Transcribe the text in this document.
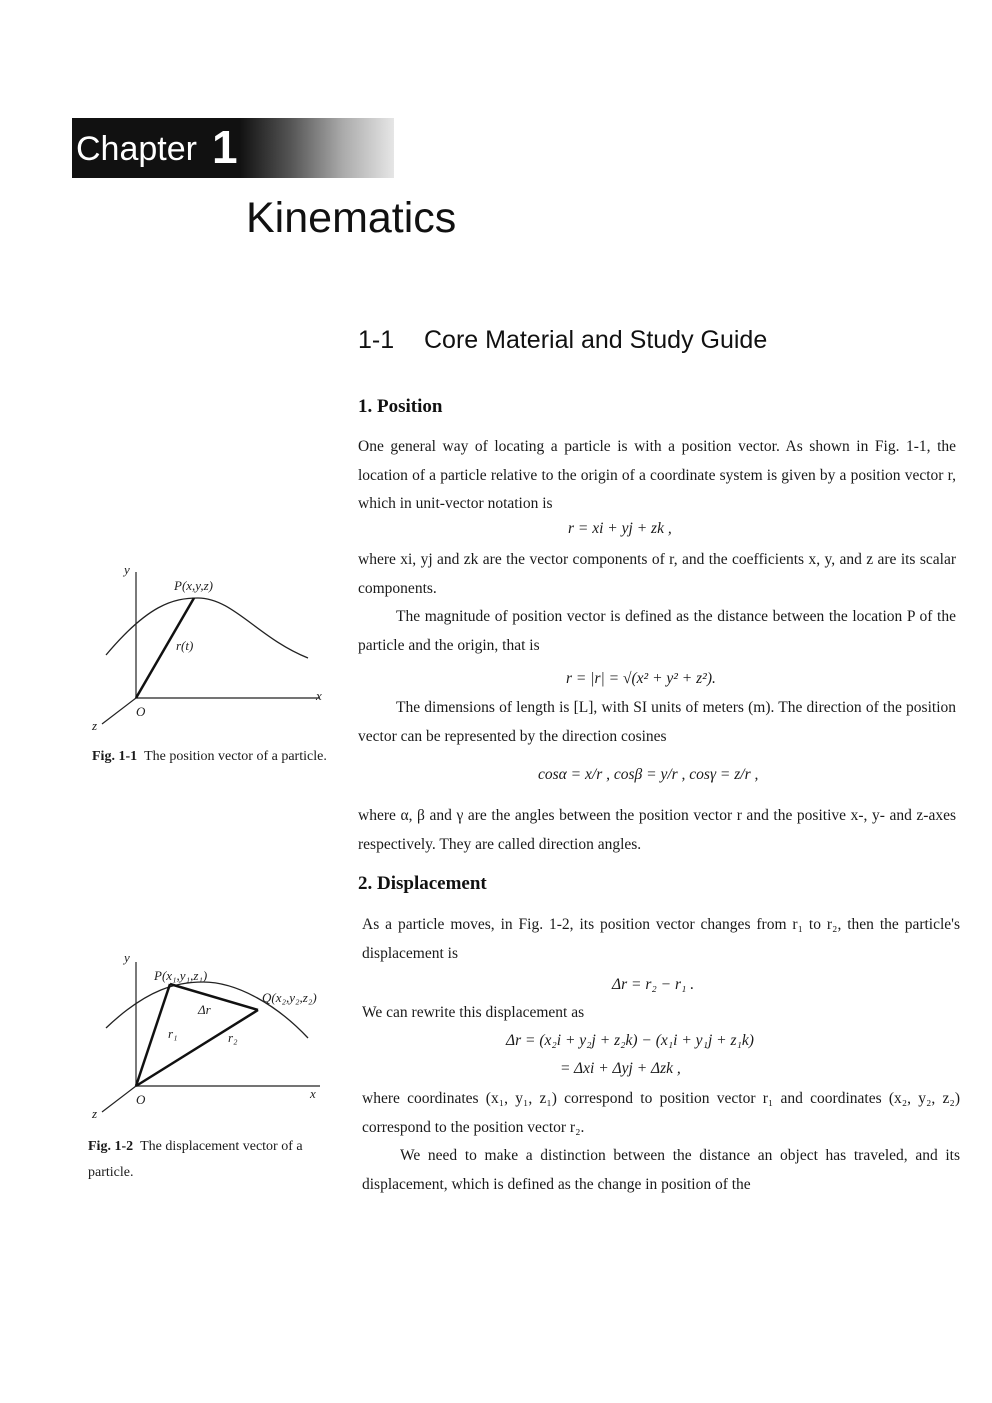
Chapter 1
Kinematics
1-1 Core Material and Study Guide
1. Position

One general way of locating a particle is with a position vector. As shown in Fig. 1-1, the location of a particle relative to the origin of a coordinate system is given by a position vector r, which in unit-vector notation is

r = xi + yj + zk ,

where xi, yj and zk are the vector components of r, and the coefficients x, y, and z are its scalar components.

The magnitude of position vector is defined as the distance between the location P of the particle and the origin, that is

r = |r| = √(x² + y² + z²).

The dimensions of length is [L], with SI units of meters (m). The direction of the position vector can be represented by the direction cosines

cosα = x/r , cosβ = y/r , cosγ = z/r ,

where α, β and γ are the angles between the position vector r and the positive x-, y- and z-axes respectively. They are called direction angles.

2. Displacement

As a particle moves, in Fig. 1-2, its position vector changes from r₁ to r₂, then the particle's displacement is

Δr = r₂ − r₁ .

We can rewrite this displacement as

Δr = (x₂i + y₂j + z₂k) − (x₁i + y₁j + z₁k)
= Δxi + Δyj + Δzk ,

where coordinates (x₁, y₁, z₁) correspond to position vector r₁ and coordinates (x₂, y₂, z₂) correspond to the position vector r₂.

We need to make a distinction between the distance an object has traveled, and its displacement, which is defined as the change in position of the

y
x
z
O
P(x,y,z)
r(t)

Fig. 1-1 The position vector of a particle.

y
x
z
O
P(x₁,y₁,z₁)
Q(x₂,y₂,z₂)
Δr
r₁	r₂

Fig. 1-2 The displacement vector of a particle.
